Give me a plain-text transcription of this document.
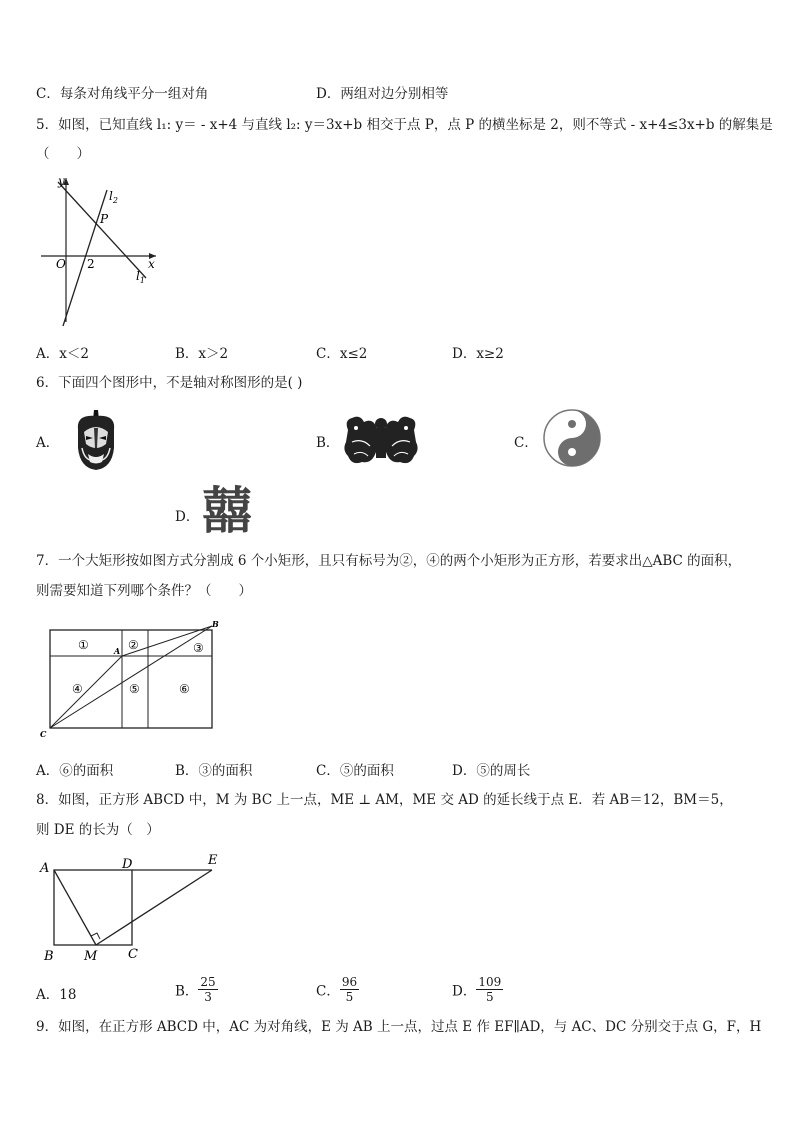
C．每条对角线平分一组对角	D．两组对边分别相等
5．如图，已知直线 l₁: y＝ - x+4 与直线 l₂: y＝3x+b 相交于点 P，点 P 的横坐标是 2，则不等式 - x+4≤3x+b 的解集是
（　　）
y
x
O 2
P
$l_2$
$l_1$
A．x＜2	B．x＞2	C．x≤2	D．x≥2
6．下面四个图形中，不是轴对称图形的是( )
A．	B．	C．
D． 囍
7．一个大矩形按如图方式分割成 6 个小矩形，且只有标号为②，④的两个小矩形为正方形，若要求出△ABC 的面积，
则需要知道下列哪个条件？（　　）
①	②	③
④	⑤	⑥
A
B
C
A．⑥的面积	B．③的面积	C．⑤的面积	D．⑤的周长
8．如图，正方形 ABCD 中，M 为 BC 上一点，ME ⊥ AM，ME 交 AD 的延长线于点 E．若 AB＝12，BM＝5，
则 DE 的长为（　）
A	D	E
B M C
A．18	B． $\frac{25}{3}$	C． $\frac{96}{5}$	D． $\frac{109}{5}$
9．如图，在正方形 ABCD 中，AC 为对角线，E 为 AB 上一点，过点 E 作 EF∥AD，与 AC、DC 分别交于点 G，F，H
